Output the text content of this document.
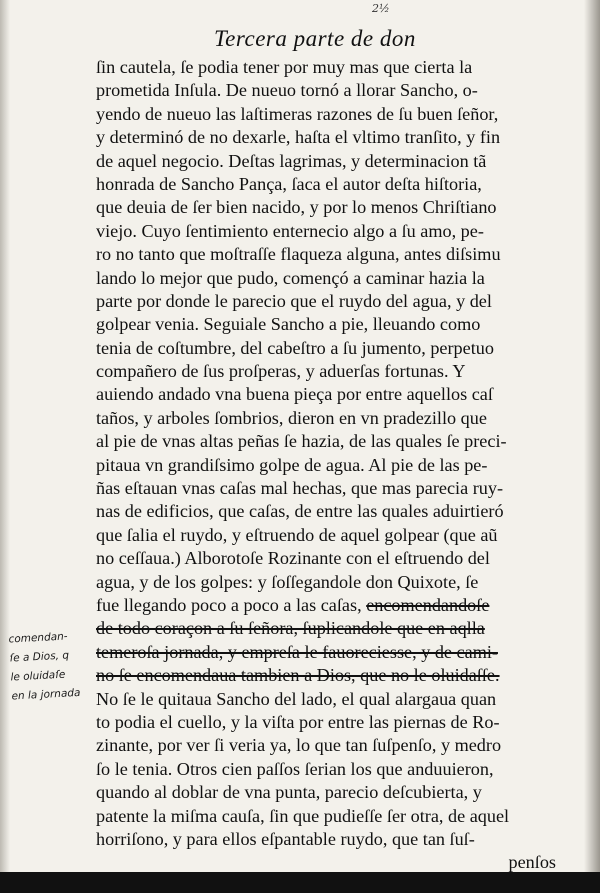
2½
Tercera parte de don
ſin cautela, ſe podia tener por muy mas que cierta la
prometida Inſula. De nueuo tornó a llorar Sancho, o-
yendo de nueuo las laſtimeras razones de ſu buen ſeñor,
y determinó de no dexarle, haſta el vltimo tranſito, y fin
de aquel negocio. Deſtas lagrimas, y determinacion tã
honrada de Sancho Pança, ſaca el autor deſta hiſtoria,
que deuia de ſer bien nacido, y por lo menos Chriſtiano
viejo. Cuyo ſentimiento enternecio algo a ſu amo, pe-
ro no tanto que moſtraſſe flaqueza alguna, antes diſsimu
lando lo mejor que pudo, començó a caminar hazia la
parte por donde le parecio que el ruydo del agua, y del
golpear venia. Seguiale Sancho a pie, lleuando como
tenia de coſtumbre, del cabeſtro a ſu jumento, perpetuo
compañero de ſus proſperas, y aduerſas fortunas. Y
auiendo andado vna buena pieça por entre aquellos caſ
taños, y arboles ſombrios, dieron en vn pradezillo que
al pie de vnas altas peñas ſe hazia, de las quales ſe preci-
pitaua vn grandiſsimo golpe de agua. Al pie de las pe-
ñas eſtauan vnas caſas mal hechas, que mas parecia ruy-
nas de edificios, que caſas, de entre las quales aduirtieró
que ſalia el ruydo, y eſtruendo de aquel golpear (que aũ
no ceſſaua.) Alborotoſe Rozinante con el eſtruendo del
agua, y de los golpes: y ſoſſegandole don Quixote, ſe
fue llegando poco a poco a las caſas, encomendandoſe
de todo coraçon a ſu ſeñora, ſuplicandole que en aqlla
temeroſa jornada, y empreſa le fauoreciesse, y de cami-
no ſe encomendaua tambien a Dios, que no le oluidaſſe.
No ſe le quitaua Sancho del lado, el qual alargaua quan
to podia el cuello, y la viſta por entre las piernas de Ro-
zinante, por ver ſi veria ya, lo que tan ſuſpenſo, y medro
ſo le tenia. Otros cien paſſos ſerian los que anduuieron,
quando al doblar de vna punta, parecio deſcubierta, y
patente la miſma cauſa, ſin que pudieſſe ſer otra, de aquel
horriſono, y para ellos eſpantable ruydo, que tan ſuſ-
penſos
comendan-
ſe a Dios, q
le oluidaſe
en la jornada
